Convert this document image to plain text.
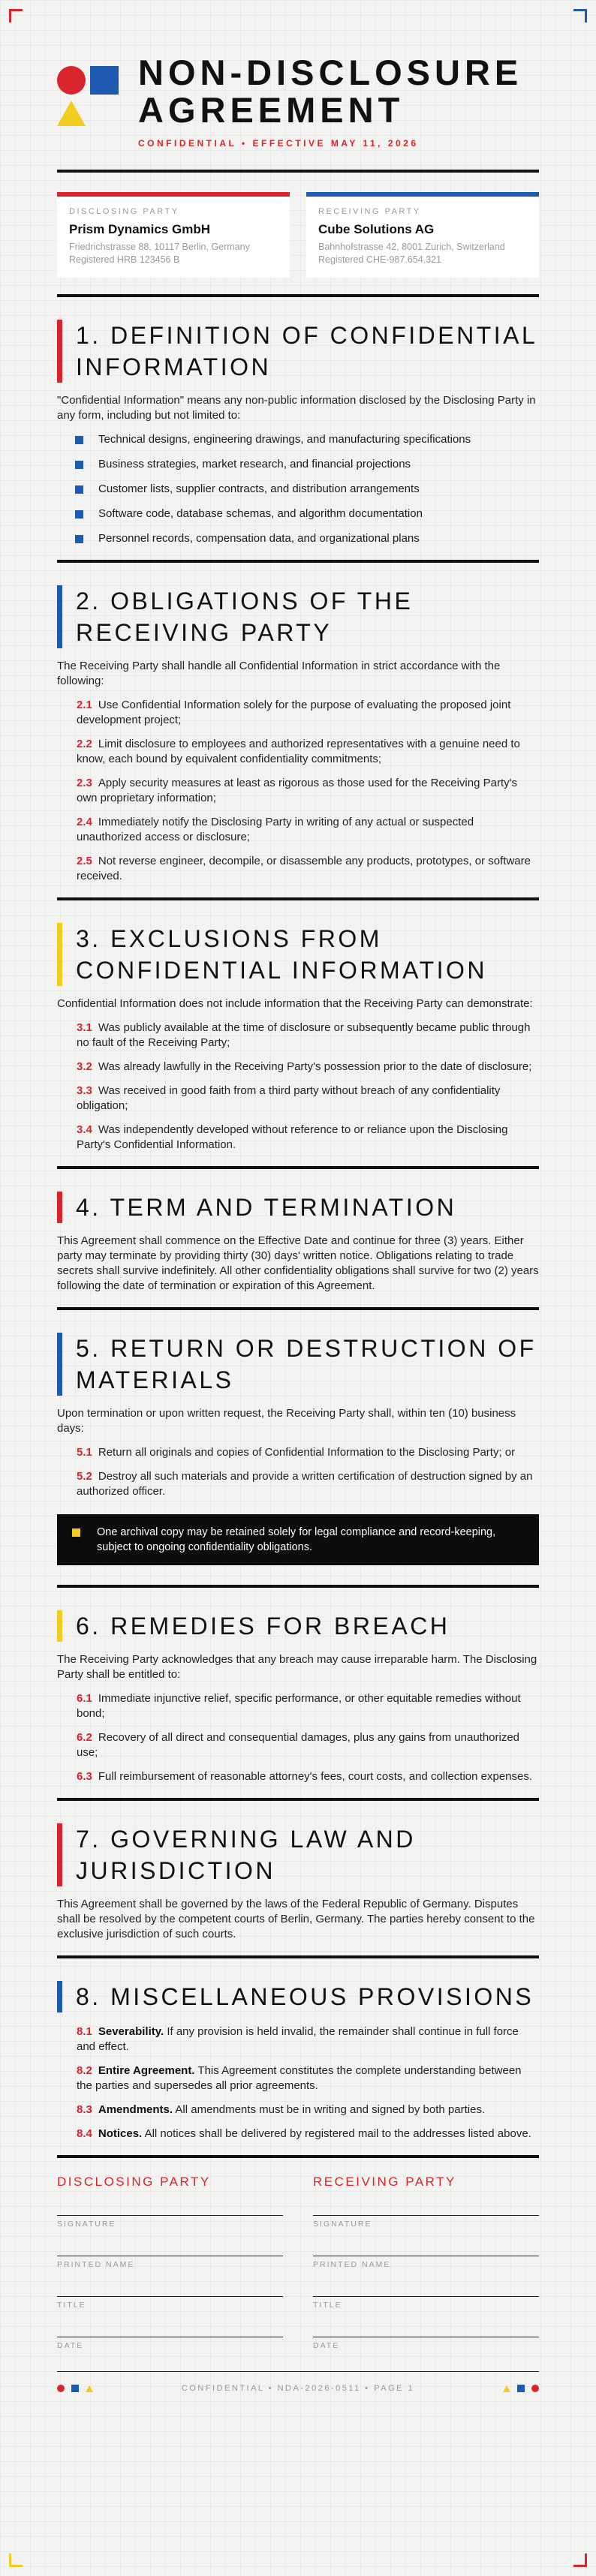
NON-DISCLOSURE
AGREEMENT
CONFIDENTIAL • EFFECTIVE MAY 11, 2026
DISCLOSING PARTY
Prism Dynamics GmbH
Friedrichstrasse 88, 10117 Berlin, Germany
Registered HRB 123456 B
RECEIVING PARTY
Cube Solutions AG
Bahnhofstrasse 42, 8001 Zurich, Switzerland
Registered CHE-987.654.321
1. DEFINITION OF CONFIDENTIAL INFORMATION

"Confidential Information" means any non-public information disclosed by the Disclosing Party in any form, including but not limited to:

Technical designs, engineering drawings, and manufacturing specifications
Business strategies, market research, and financial projections
Customer lists, supplier contracts, and distribution arrangements
Software code, database schemas, and algorithm documentation
Personnel records, compensation data, and organizational plans
2. OBLIGATIONS OF THE RECEIVING PARTY

The Receiving Party shall handle all Confidential Information in strict accordance with the following:

2.1 Use Confidential Information solely for the purpose of evaluating the proposed joint development project;
2.2 Limit disclosure to employees and authorized representatives with a genuine need to know, each bound by equivalent confidentiality commitments;
2.3 Apply security measures at least as rigorous as those used for the Receiving Party's own proprietary information;
2.4 Immediately notify the Disclosing Party in writing of any actual or suspected unauthorized access or disclosure;
2.5 Not reverse engineer, decompile, or disassemble any products, prototypes, or software received.
3. EXCLUSIONS FROM CONFIDENTIAL INFORMATION

Confidential Information does not include information that the Receiving Party can demonstrate:

3.1 Was publicly available at the time of disclosure or subsequently became public through no fault of the Receiving Party;
3.2 Was already lawfully in the Receiving Party's possession prior to the date of disclosure;
3.3 Was received in good faith from a third party without breach of any confidentiality obligation;
3.4 Was independently developed without reference to or reliance upon the Disclosing Party's Confidential Information.
4. TERM AND TERMINATION

This Agreement shall commence on the Effective Date and continue for three (3) years. Either party may terminate by providing thirty (30) days' written notice. Obligations relating to trade secrets shall survive indefinitely. All other confidentiality obligations shall survive for two (2) years following the date of termination or expiration of this Agreement.

5. RETURN OR DESTRUCTION OF MATERIALS

Upon termination or upon written request, the Receiving Party shall, within ten (10) business days:

5.1 Return all originals and copies of Confidential Information to the Disclosing Party; or
5.2 Destroy all such materials and provide a written certification of destruction signed by an authorized officer.
One archival copy may be retained solely for legal compliance and record-keeping, subject to ongoing confidentiality obligations.
6. REMEDIES FOR BREACH

The Receiving Party acknowledges that any breach may cause irreparable harm. The Disclosing Party shall be entitled to:

6.1 Immediate injunctive relief, specific performance, or other equitable remedies without bond;
6.2 Recovery of all direct and consequential damages, plus any gains from unauthorized use;
6.3 Full reimbursement of reasonable attorney's fees, court costs, and collection expenses.
7. GOVERNING LAW AND JURISDICTION

This Agreement shall be governed by the laws of the Federal Republic of Germany. Disputes shall be resolved by the competent courts of Berlin, Germany. The parties hereby consent to the exclusive jurisdiction of such courts.

8. MISCELLANEOUS PROVISIONS
8.1 Severability. If any provision is held invalid, the remainder shall continue in full force and effect.
8.2 Entire Agreement. This Agreement constitutes the complete understanding between the parties and supersedes all prior agreements.
8.3 Amendments. All amendments must be in writing and signed by both parties.
8.4 Notices. All notices shall be delivered by registered mail to the addresses listed above.
DISCLOSING PARTY
SIGNATURE
PRINTED NAME
TITLE
DATE
RECEIVING PARTY
SIGNATURE
PRINTED NAME
TITLE
DATE
CONFIDENTIAL • NDA-2026-0511 • PAGE 1
